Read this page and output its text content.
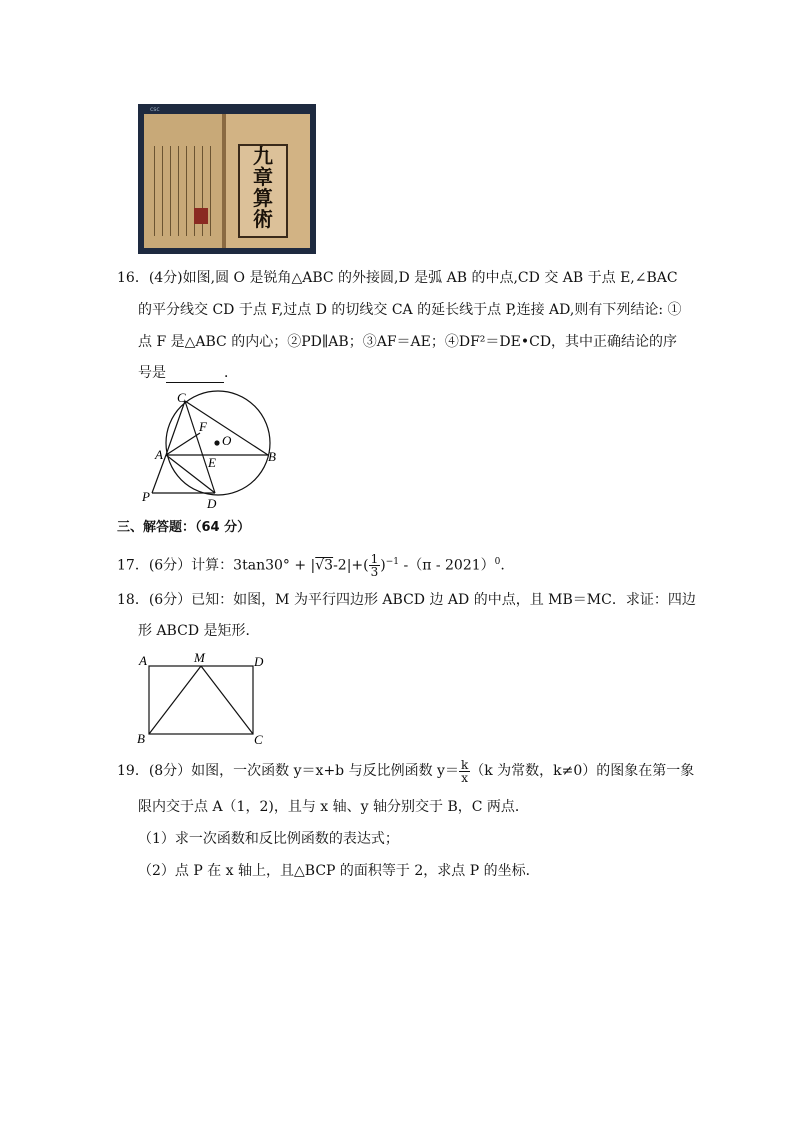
csc
九
章
算
術
16．(4分)如图,圆 O 是锐角△ABC 的外接圆,D 是弧 AB 的中点,CD 交 AB 于点 E,∠BAC
的平分线交 CD 于点 F,过点 D 的切线交 CA 的延长线于点 P,连接 AD,则有下列结论: ①
点 F 是△ABC 的内心；②PD∥AB；③AF＝AE；④DF²＝DE•CD，其中正确结论的序
号是	．
C
F
O
A
E	B
P	D
三、解答题：（64 分）
17．(6分）计算：$3\tan 30^\circ + |√3-2|+( \frac{1}{3} )^{-1}$ -（π - 2021）$^0$.
18．(6分）已知：如图，M 为平行四边形 ABCD 边 AD 的中点，且 MB＝MC．求证：四边
形 ABCD 是矩形．
A	M	D
B	C
19．(8分）如图，一次函数 y＝x+b 与反比例函数 $y= \frac{k}{x} (k$ 为常数，k≠0）的图象在第一象
限内交于点 A（1，2)，且与 x 轴、y 轴分别交于 B，C 两点．
（1）求一次函数和反比例函数的表达式；
（2）点 P 在 x 轴上，且△BCP 的面积等于 2，求点 P 的坐标．
